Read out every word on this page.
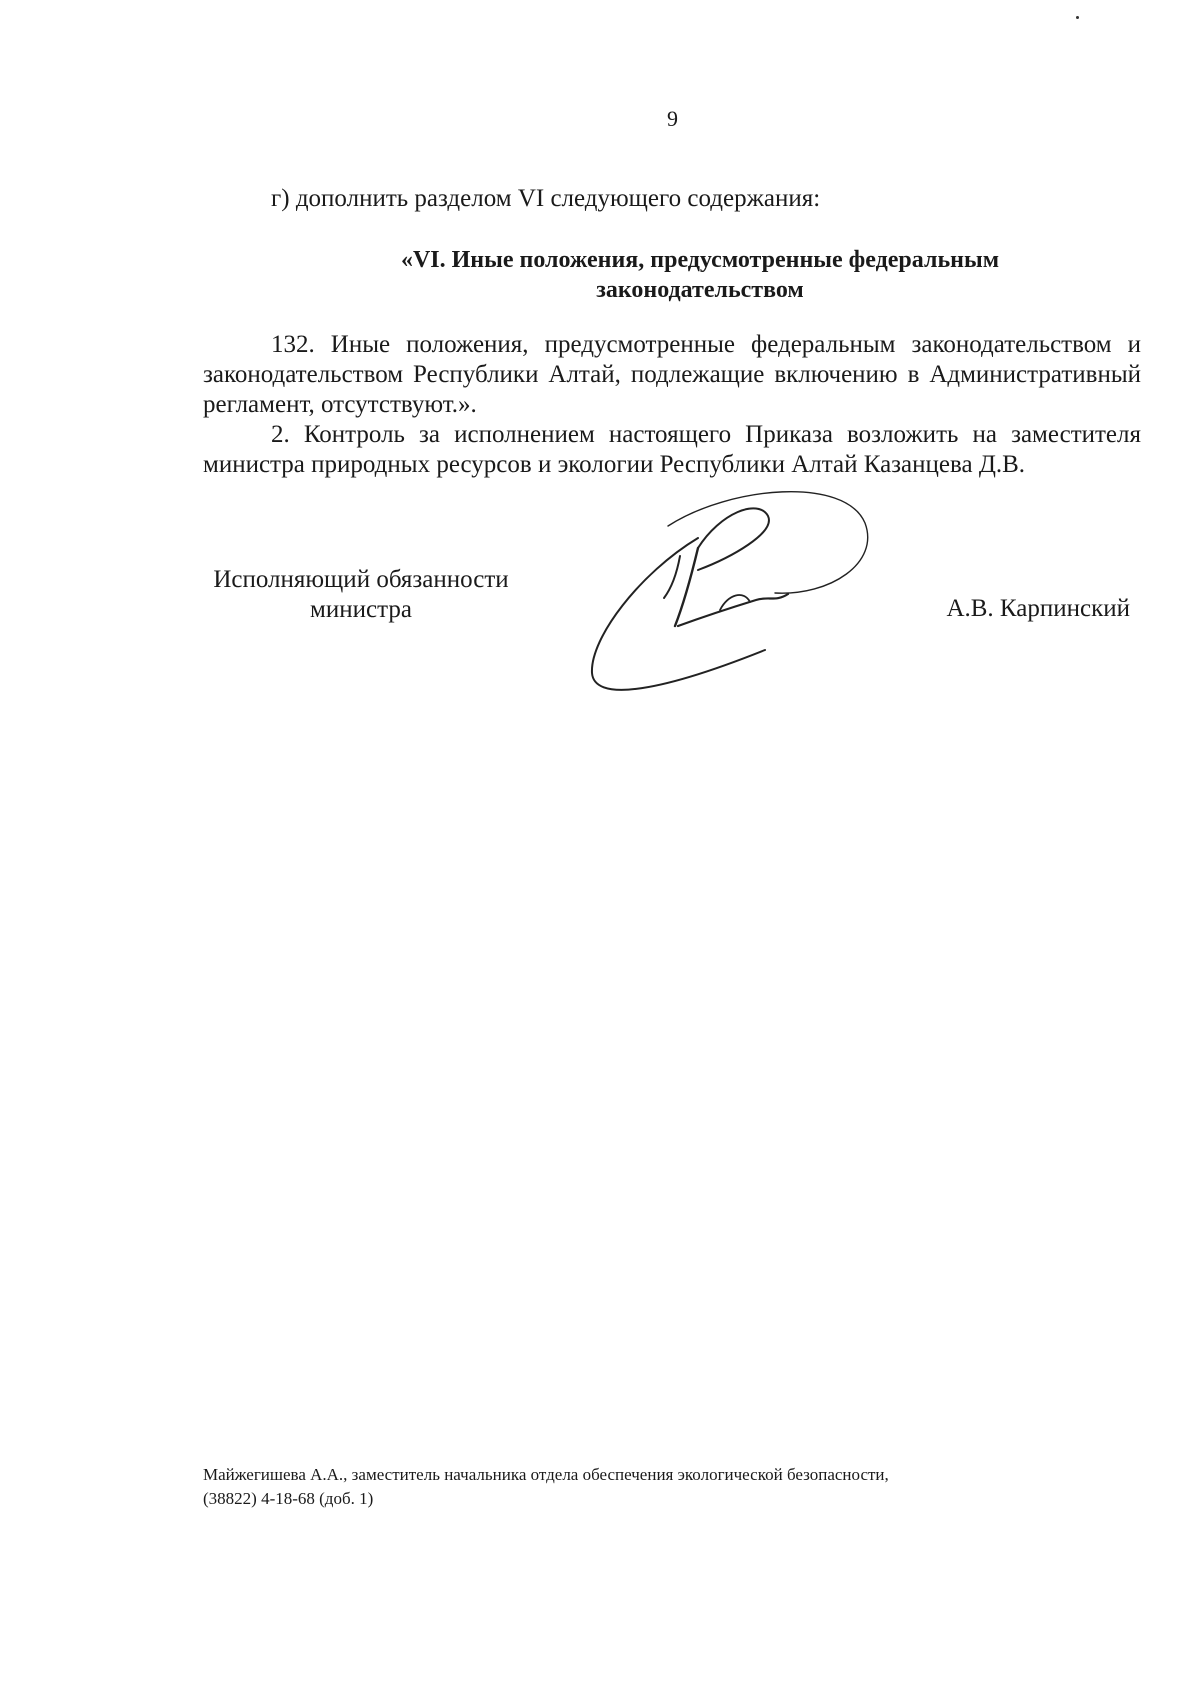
9
г) дополнить разделом VI следующего содержания:
«VI. Иные положения, предусмотренные федеральным
законодательством

132. Иные положения, предусмотренные федеральным законодательством и законодательством Республики Алтай, подлежащие включению в Административный регламент, отсутствуют.».

2. Контроль за исполнением настоящего Приказа возложить на заместителя министра природных ресурсов и экологии Республики Алтай Казанцева Д.В.

Исполняющий обязанности
министра	А.В. Карпинский
Майжегишева А.А., заместитель начальника отдела обеспечения экологической безопасности,
(38822) 4-18-68 (доб. 1)
